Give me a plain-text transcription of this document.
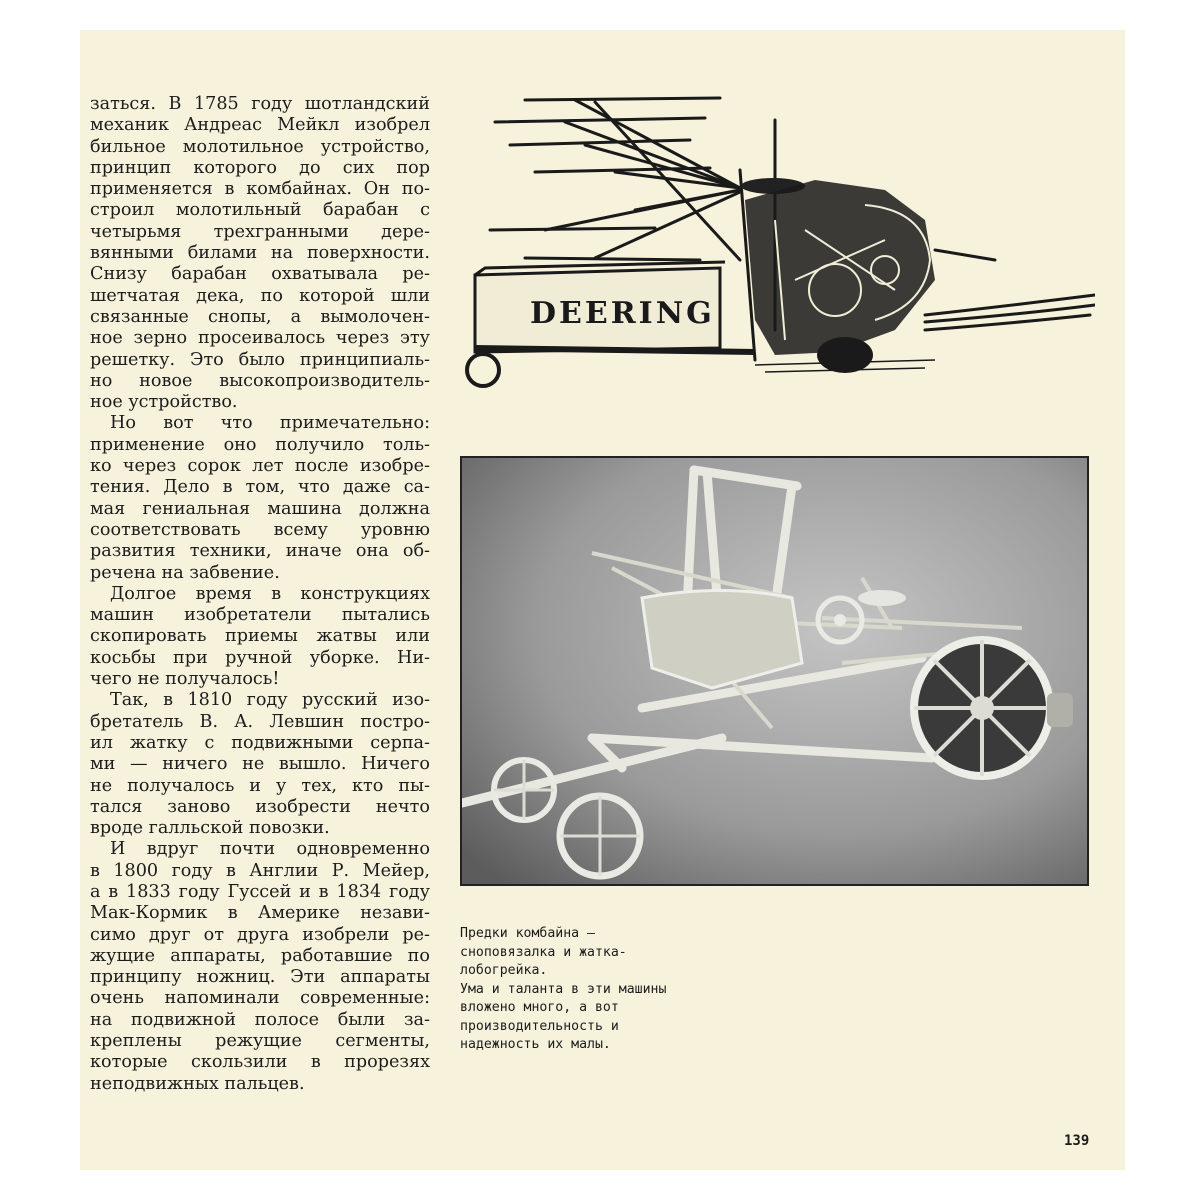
заться. В 1785 году шотландский
механик Андреас Мейкл изобрел
бильное молотильное устройство,
принцип которого до сих пор
применяется в комбайнах. Он по-
строил молотильный барабан с
четырьмя трехгранными дере-
вянными билами на поверхности.
Снизу барабан охватывала ре-
шетчатая дека, по которой шли
связанные снопы, а вымолочен-
ное зерно просеивалось через эту
решетку. Это было принципиаль-
но новое высокопроизводитель-
ное устройство.
Но вот что примечательно:
применение оно получило толь-
ко через сорок лет после изобре-
тения. Дело в том, что даже са-
мая гениальная машина должна
соответствовать всему уровню
развития техники, иначе она об-
речена на забвение.
Долгое время в конструкциях
машин изобретатели пытались
скопировать приемы жатвы или
косьбы при ручной уборке. Ни-
чего не получалось!
Так, в 1810 году русский изо-
бретатель В. А. Левшин постро-
ил жатку с подвижными серпа-
ми — ничего не вышло. Ничего
не получалось и у тех, кто пы-
тался заново изобрести нечто
вроде галльской повозки.
И вдруг почти одновременно
в 1800 году в Англии Р. Мейер,
а в 1833 году Гуссей и в 1834 году
Мак-Кормик в Америке незави-
симо друг от друга изобрели ре-
жущие аппараты, работавшие по
принципу ножниц. Эти аппараты
очень напоминали современные:
на подвижной полосе были за-
креплены режущие сегменты,
которые скользили в прорезях
неподвижных пальцев.
DEERING
Предки комбайна —
сноповязалка и жатка-
лобогрейка.
Ума и таланта в эти машины
вложено много, а вот
производительность и
надежность их малы.
139
